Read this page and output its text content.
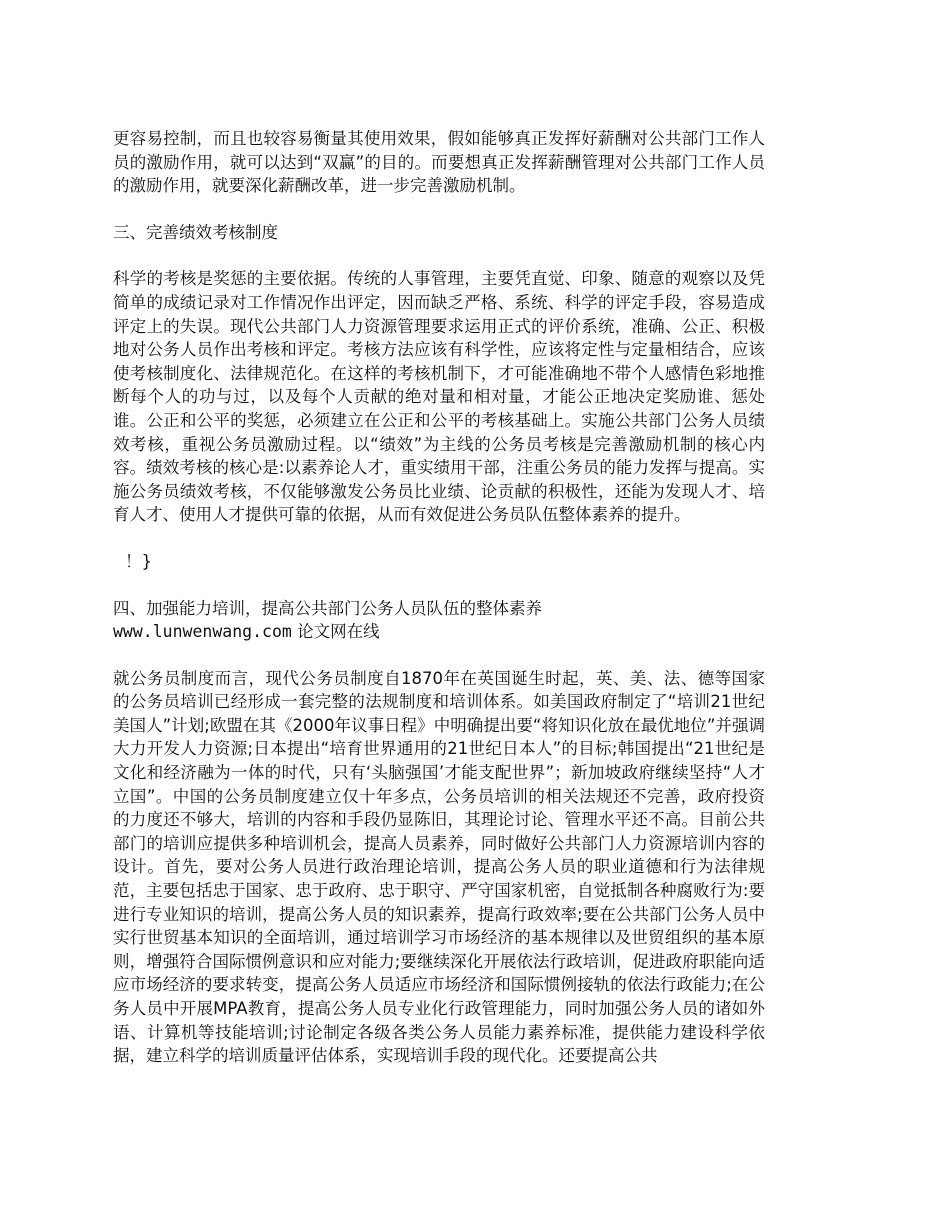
更容易控制，而且也较容易衡量其使用效果，假如能够真正发挥好薪酬对公共部门工作人员的激励作用，就可以达到“双赢”的目的。而要想真正发挥薪酬管理对公共部门工作人员的激励作用，就要深化薪酬改革，进一步完善激励机制。

三、完善绩效考核制度

科学的考核是奖惩的主要依据。传统的人事管理，主要凭直觉、印象、随意的观察以及凭简单的成绩记录对工作情况作出评定，因而缺乏严格、系统、科学的评定手段，容易造成评定上的失误。现代公共部门人力资源管理要求运用正式的评价系统，准确、公正、积极地对公务人员作出考核和评定。考核方法应该有科学性，应该将定性与定量相结合，应该使考核制度化、法律规范化。在这样的考核机制下，才可能准确地不带个人感情色彩地推断每个人的功与过，以及每个人贡献的绝对量和相对量，才能公正地决定奖励谁、惩处谁。公正和公平的奖惩，必须建立在公正和公平的考核基础上。实施公共部门公务人员绩效考核，重视公务员激励过程。以“绩效”为主线的公务员考核是完善激励机制的核心内容。绩效考核的核心是:以素养论人才，重实绩用干部，注重公务员的能力发挥与提高。实施公务员绩效考核，不仅能够激发公务员比业绩、论贡献的积极性，还能为发现人才、培育人才、使用人才提供可靠的依据，从而有效促进公务员队伍整体素养的提升。

！}

四、加强能力培训，提高公共部门公务人员队伍的整体素养

www.lunwenwang.com 论文网在线

就公务员制度而言，现代公务员制度自1870年在英国诞生时起，英、美、法、德等国家的公务员培训已经形成一套完整的法规制度和培训体系。如美国政府制定了“培训21世纪美国人”计划;欧盟在其《2000年议事日程》中明确提出要“将知识化放在最优地位”并强调大力开发人力资源;日本提出“培育世界通用的21世纪日本人”的目标;韩国提出“21世纪是文化和经济融为一体的时代，只有‘头脑强国’才能支配世界”；新加坡政府继续坚持“人才立国”。中国的公务员制度建立仅十年多点，公务员培训的相关法规还不完善，政府投资的力度还不够大，培训的内容和手段仍显陈旧，其理论讨论、管理水平还不高。目前公共部门的培训应提供多种培训机会，提高人员素养，同时做好公共部门人力资源培训内容的设计。首先，要对公务人员进行政治理论培训，提高公务人员的职业道德和行为法律规范，主要包括忠于国家、忠于政府、忠于职守、严守国家机密，自觉抵制各种腐败行为:要进行专业知识的培训，提高公务人员的知识素养，提高行政效率;要在公共部门公务人员中实行世贸基本知识的全面培训，通过培训学习市场经济的基本规律以及世贸组织的基本原则，增强符合国际惯例意识和应对能力;要继续深化开展依法行政培训，促进政府职能向适应市场经济的要求转变，提高公务人员适应市场经济和国际惯例接轨的依法行政能力;在公务人员中开展MPA教育，提高公务人员专业化行政管理能力，同时加强公务人员的诸如外语、计算机等技能培训;讨论制定各级各类公务人员能力素养标准，提供能力建设科学依据，建立科学的培训质量评估体系，实现培训手段的现代化。还要提高公共
